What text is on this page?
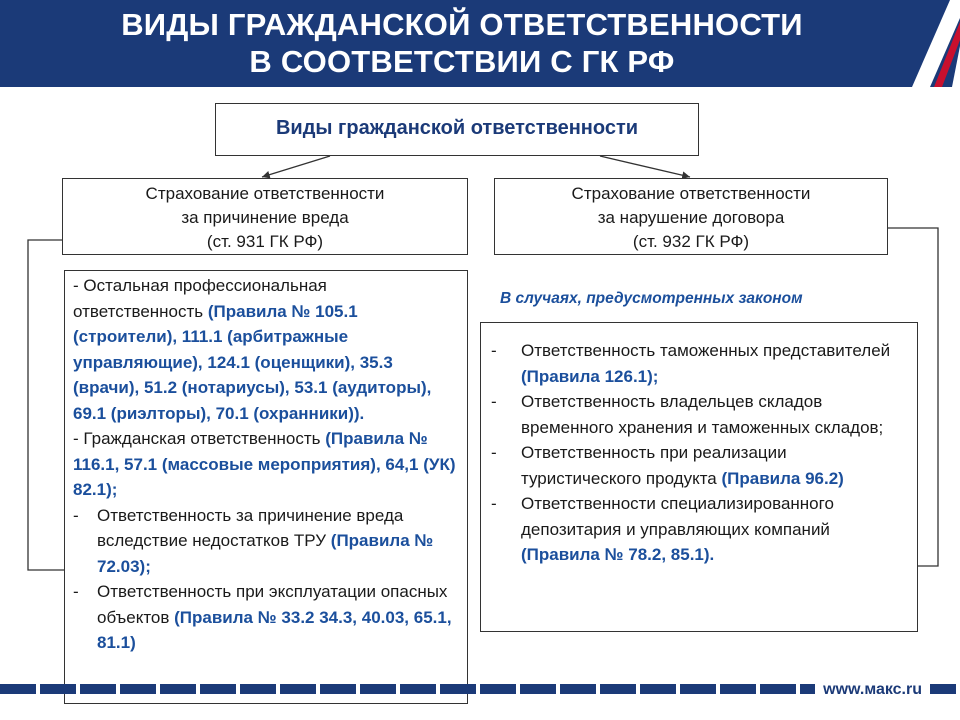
ВИДЫ ГРАЖДАНСКОЙ ОТВЕТСТВЕННОСТИ
В СООТВЕТСТВИИ С ГК РФ
Виды гражданской ответственности
Страхование ответственности
за причинение вреда
(ст. 931 ГК РФ)
Страхование ответственности
за нарушение договора
(ст. 932 ГК РФ)
В случаях, предусмотренных законом
- Остальная профессиональная ответственность (Правила № 105.1 (строители), 111.1 (арбитражные управляющие), 124.1 (оценщики), 35.3 (врачи), 51.2 (нотариусы), 53.1 (аудиторы), 69.1 (риэлторы), 70.1 (охранники)).
- Гражданская ответственность (Правила № 116.1, 57.1 (массовые мероприятия), 64,1 (УК) 82.1);
- Ответственность за причинение вреда вследствие недостатков ТРУ (Правила № 72.03);
- Ответственность при эксплуатации опасных объектов (Правила № 33.2 34.3, 40.03, 65.1, 81.1)
- Ответственность таможенных представителей (Правила 126.1);
- Ответственность владельцев складов временного хранения и таможенных складов;
- Ответственность при реализации туристического продукта (Правила 96.2)
- Ответственности специализированного депозитария и управляющих компаний (Правила № 78.2, 85.1).
www.макс.ru
